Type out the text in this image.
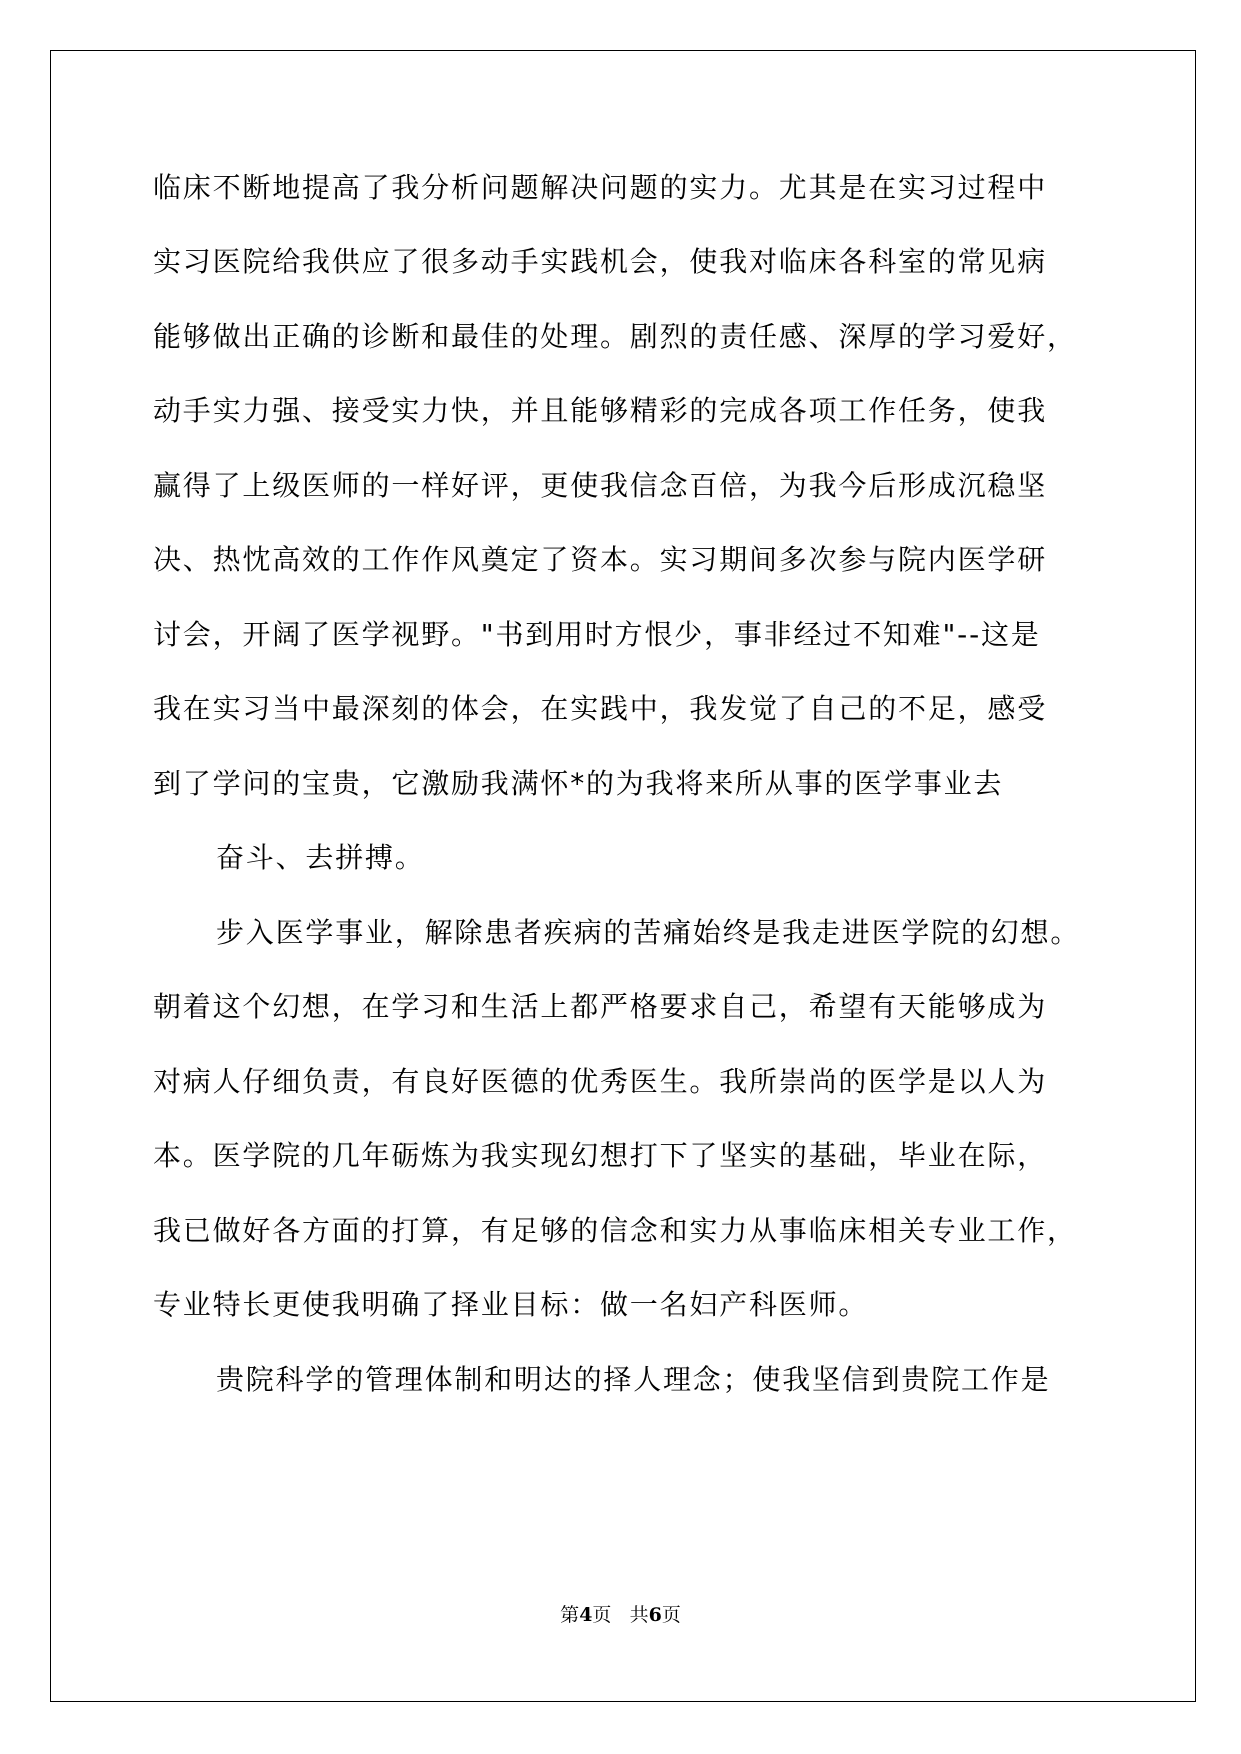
临床不断地提高了我分析问题解决问题的实力。尤其是在实习过程中
实习医院给我供应了很多动手实践机会，使我对临床各科室的常见病
能够做出正确的诊断和最佳的处理。剧烈的责任感、深厚的学习爱好，
动手实力强、接受实力快，并且能够精彩的完成各项工作任务，使我
赢得了上级医师的一样好评，更使我信念百倍，为我今后形成沉稳坚
决、热忱高效的工作作风奠定了资本。实习期间多次参与院内医学研
讨会，开阔了医学视野。"书到用时方恨少，事非经过不知难"--这是
我在实习当中最深刻的体会，在实践中，我发觉了自己的不足，感受
到了学问的宝贵，它激励我满怀*的为我将来所从事的医学事业去
奋斗、去拼搏。
步入医学事业，解除患者疾病的苦痛始终是我走进医学院的幻想。
朝着这个幻想，在学习和生活上都严格要求自己，希望有天能够成为
对病人仔细负责，有良好医德的优秀医生。我所崇尚的医学是以人为
本。医学院的几年砺炼为我实现幻想打下了坚实的基础，毕业在际，
我已做好各方面的打算，有足够的信念和实力从事临床相关专业工作，
专业特长更使我明确了择业目标：做一名妇产科医师。
贵院科学的管理体制和明达的择人理念；使我坚信到贵院工作是
第4页 共6页
